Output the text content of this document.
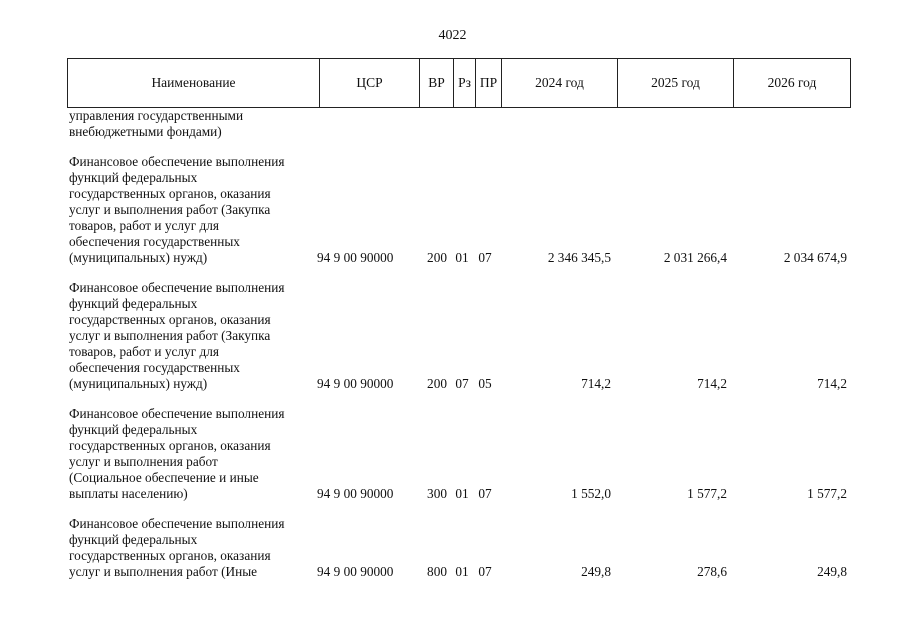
4022
Наименование	ЦСР	ВР Рз ПР	2024 год	2025 год	2026 год
управления государственными
внебюджетными фондами)
Финансовое обеспечение выполнения
функций федеральных
государственных органов, оказания
услуг и выполнения работ (Закупка
товаров, работ и услуг для
обеспечения государственных
(муниципальных) нужд)	94 9 00 90000	200 01 07	2 346 345,5	2 031 266,4	2 034 674,9
Финансовое обеспечение выполнения
функций федеральных
государственных органов, оказания
услуг и выполнения работ (Закупка
товаров, работ и услуг для
обеспечения государственных
(муниципальных) нужд)	94 9 00 90000	200 07 05	714,2	714,2	714,2
Финансовое обеспечение выполнения
функций федеральных
государственных органов, оказания
услуг и выполнения работ
(Социальное обеспечение и иные
выплаты населению)	94 9 00 90000	300 01 07	1 552,0	1 577,2	1 577,2
Финансовое обеспечение выполнения
функций федеральных
государственных органов, оказания
услуг и выполнения работ (Иные	94 9 00 90000	800 01 07	249,8	278,6	249,8
